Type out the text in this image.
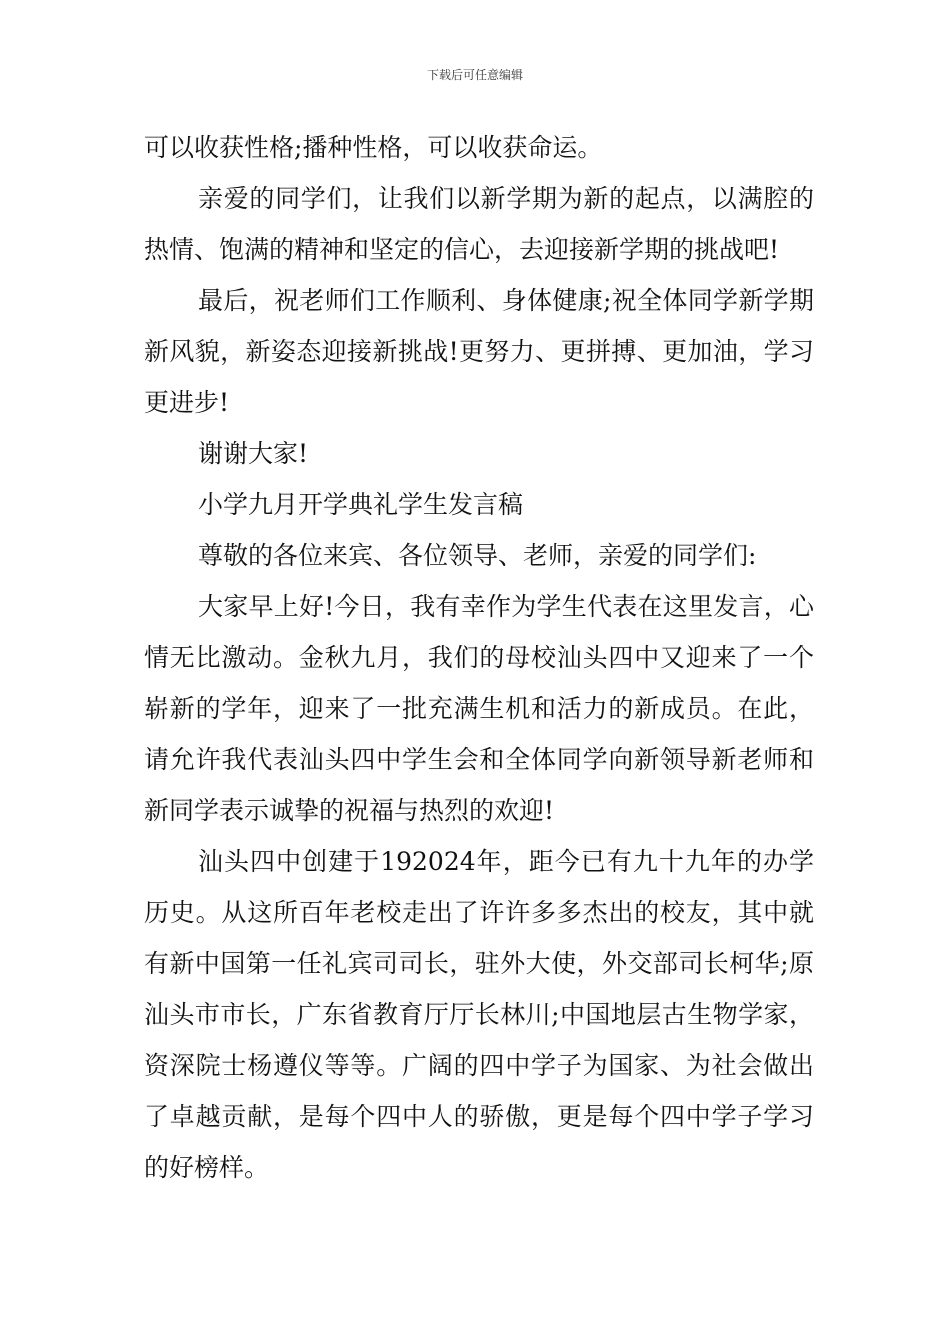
下载后可任意编辑

可以收获性格;播种性格，可以收获命运。

亲爱的同学们，让我们以新学期为新的起点，以满腔的热情、饱满的精神和坚定的信心，去迎接新学期的挑战吧!

最后，祝老师们工作顺利、身体健康;祝全体同学新学期新风貌，新姿态迎接新挑战!更努力、更拼搏、更加油，学习更进步!

谢谢大家!

小学九月开学典礼学生发言稿

尊敬的各位来宾、各位领导、老师，亲爱的同学们:

大家早上好!今日，我有幸作为学生代表在这里发言，心情无比激动。金秋九月，我们的母校汕头四中又迎来了一个崭新的学年，迎来了一批充满生机和活力的新成员。在此，请允许我代表汕头四中学生会和全体同学向新领导新老师和新同学表示诚挚的祝福与热烈的欢迎!

汕头四中创建于192024年，距今已有九十九年的办学历史。从这所百年老校走出了许许多多杰出的校友，其中就有新中国第一任礼宾司司长，驻外大使，外交部司长柯华;原汕头市市长，广东省教育厅厅长林川;中国地层古生物学家，资深院士杨遵仪等等。广阔的四中学子为国家、为社会做出了卓越贡献，是每个四中人的骄傲，更是每个四中学子学习的好榜样。
